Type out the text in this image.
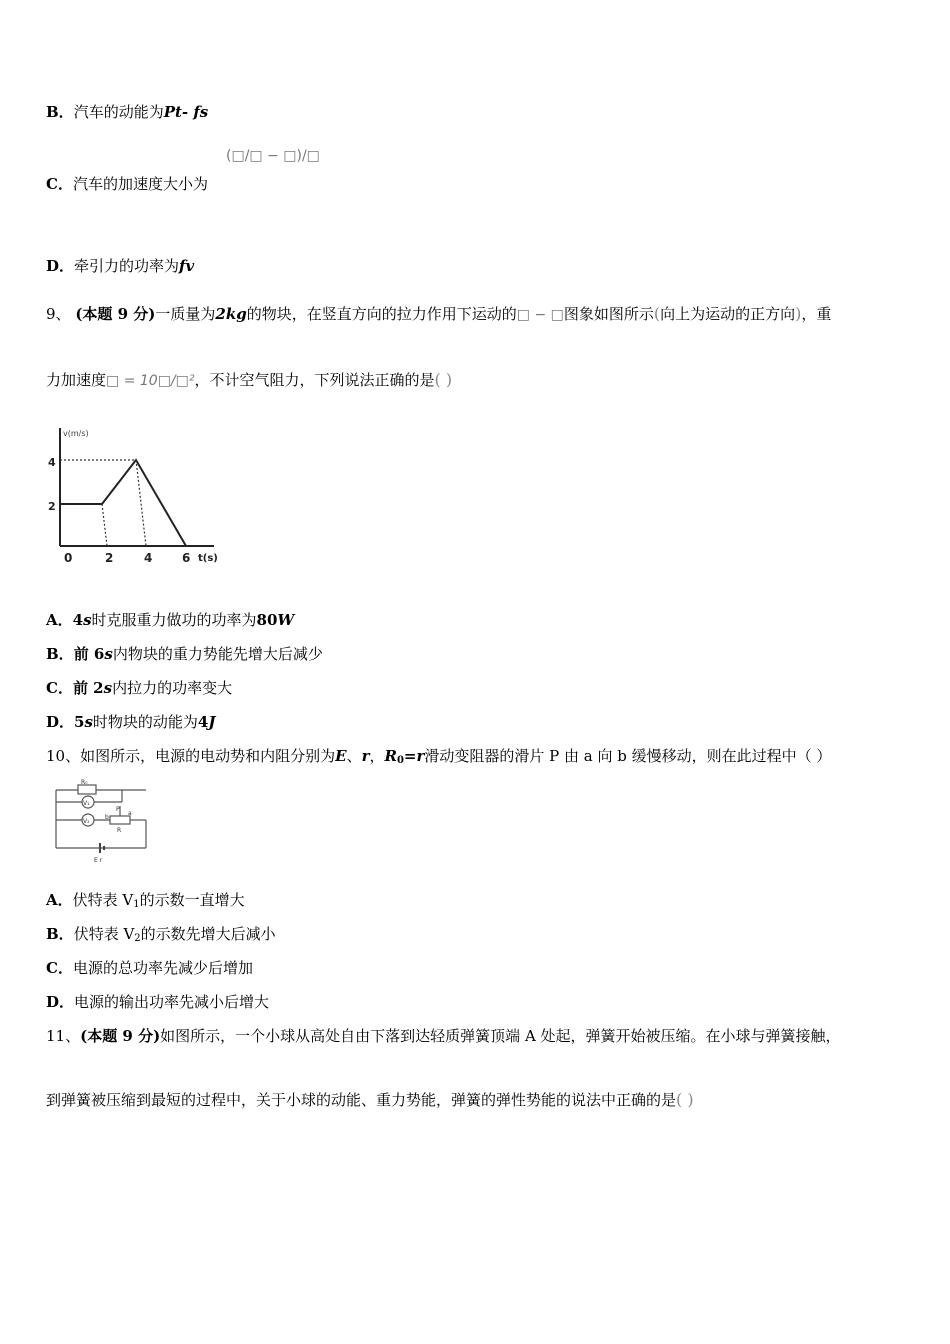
B．汽车的动能为Pt- fs
(□/□ − □)/□
C．汽车的加速度大小为
D．牵引力的功率为fv
9、 (本题 9 分)一质量为2kg的物块，在竖直方向的拉力作用下运动的□ − □图象如图所示(向上为运动的正方向)，重
力加速度□ = 10□/□²，不计空气阻力，下列说法正确的是( )
v(m/s)
4
2
0	2	4 6 t(s)
A．4s时克服重力做功的功率为80W
B．前 6s内物块的重力势能先增大后减少
C．前 2s内拉力的功率变大
D．5s时物块的动能为4J
10、如图所示，电源的电动势和内阻分别为E、r，$R_0=r$滑动变阻器的滑片 P 由 a 向 b 缓慢移动，则在此过程中（ ）
R₀
V₁
V₂
P
b
a
R
E r
A．伏特表 $V_1$的示数一直增大
B．伏特表 $V_2$的示数先增大后减小
C．电源的总功率先减少后增加
D．电源的输出功率先减小后增大
11、(本题 9 分)如图所示，一个小球从高处自由下落到达轻质弹簧顶端 A 处起，弹簧开始被压缩。在小球与弹簧接触，
到弹簧被压缩到最短的过程中，关于小球的动能、重力势能，弹簧的弹性势能的说法中正确的是( )
